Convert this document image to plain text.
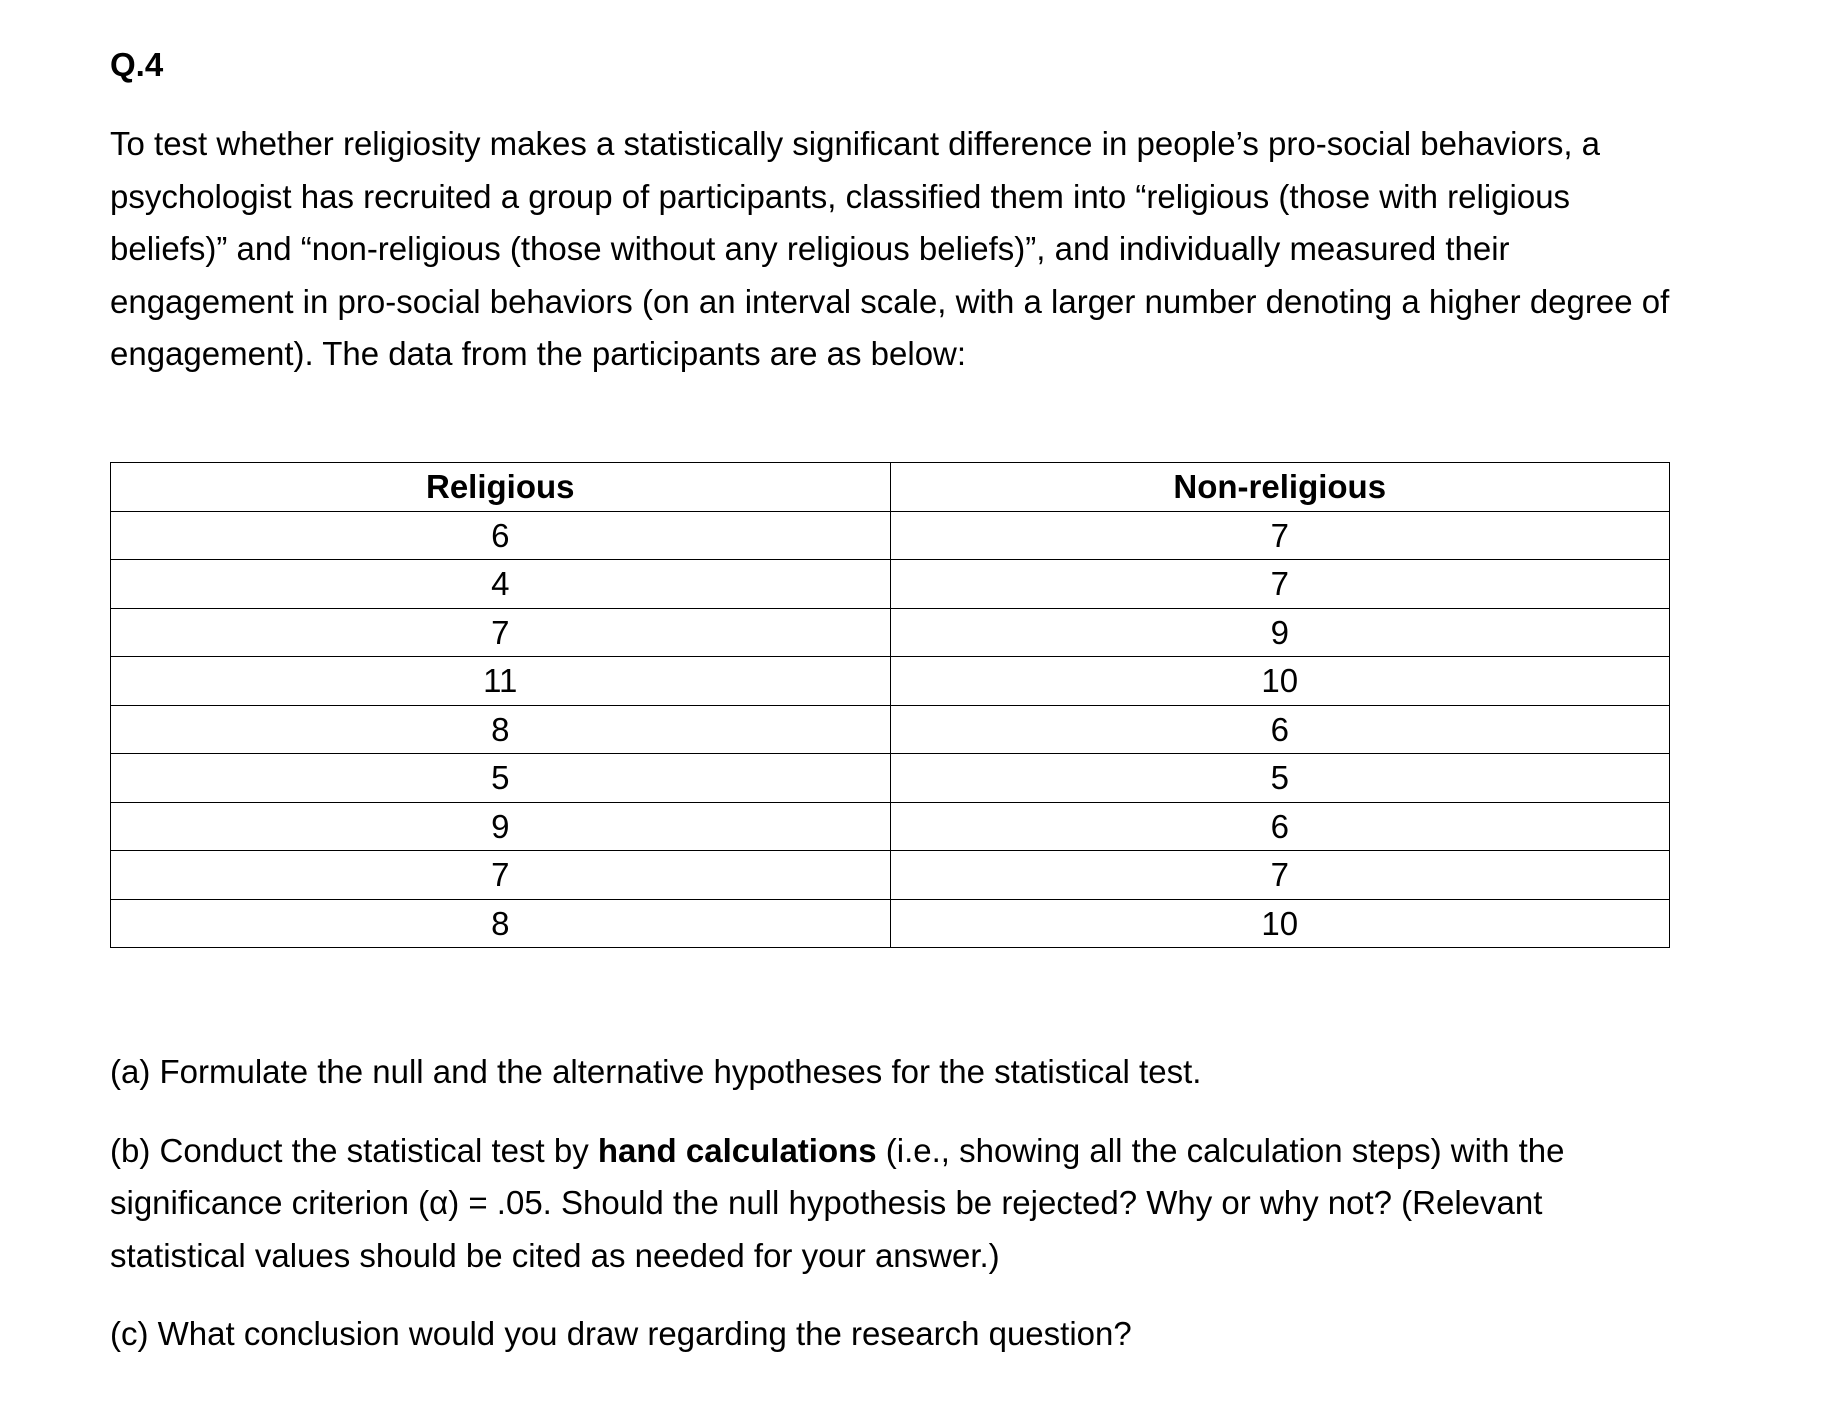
Q.4

To test whether religiosity makes a statistically significant difference in people’s pro-social behaviors, a psychologist has recruited a group of participants, classified them into “religious (those with religious beliefs)” and “non-religious (those without any religious beliefs)”, and individually measured their engagement in pro-social behaviors (on an interval scale, with a larger number denoting a higher degree of engagement). The data from the participants are as below:

Religious	Non-religious
6	7
4	7
7	9
11	10
8	6
5	5
9	6
7	7
8	10

(a) Formulate the null and the alternative hypotheses for the statistical test.

(b) Conduct the statistical test by hand calculations (i.e., showing all the calculation steps) with the significance criterion (α) = .05. Should the null hypothesis be rejected? Why or why not? (Relevant statistical values should be cited as needed for your answer.)

(c) What conclusion would you draw regarding the research question?
